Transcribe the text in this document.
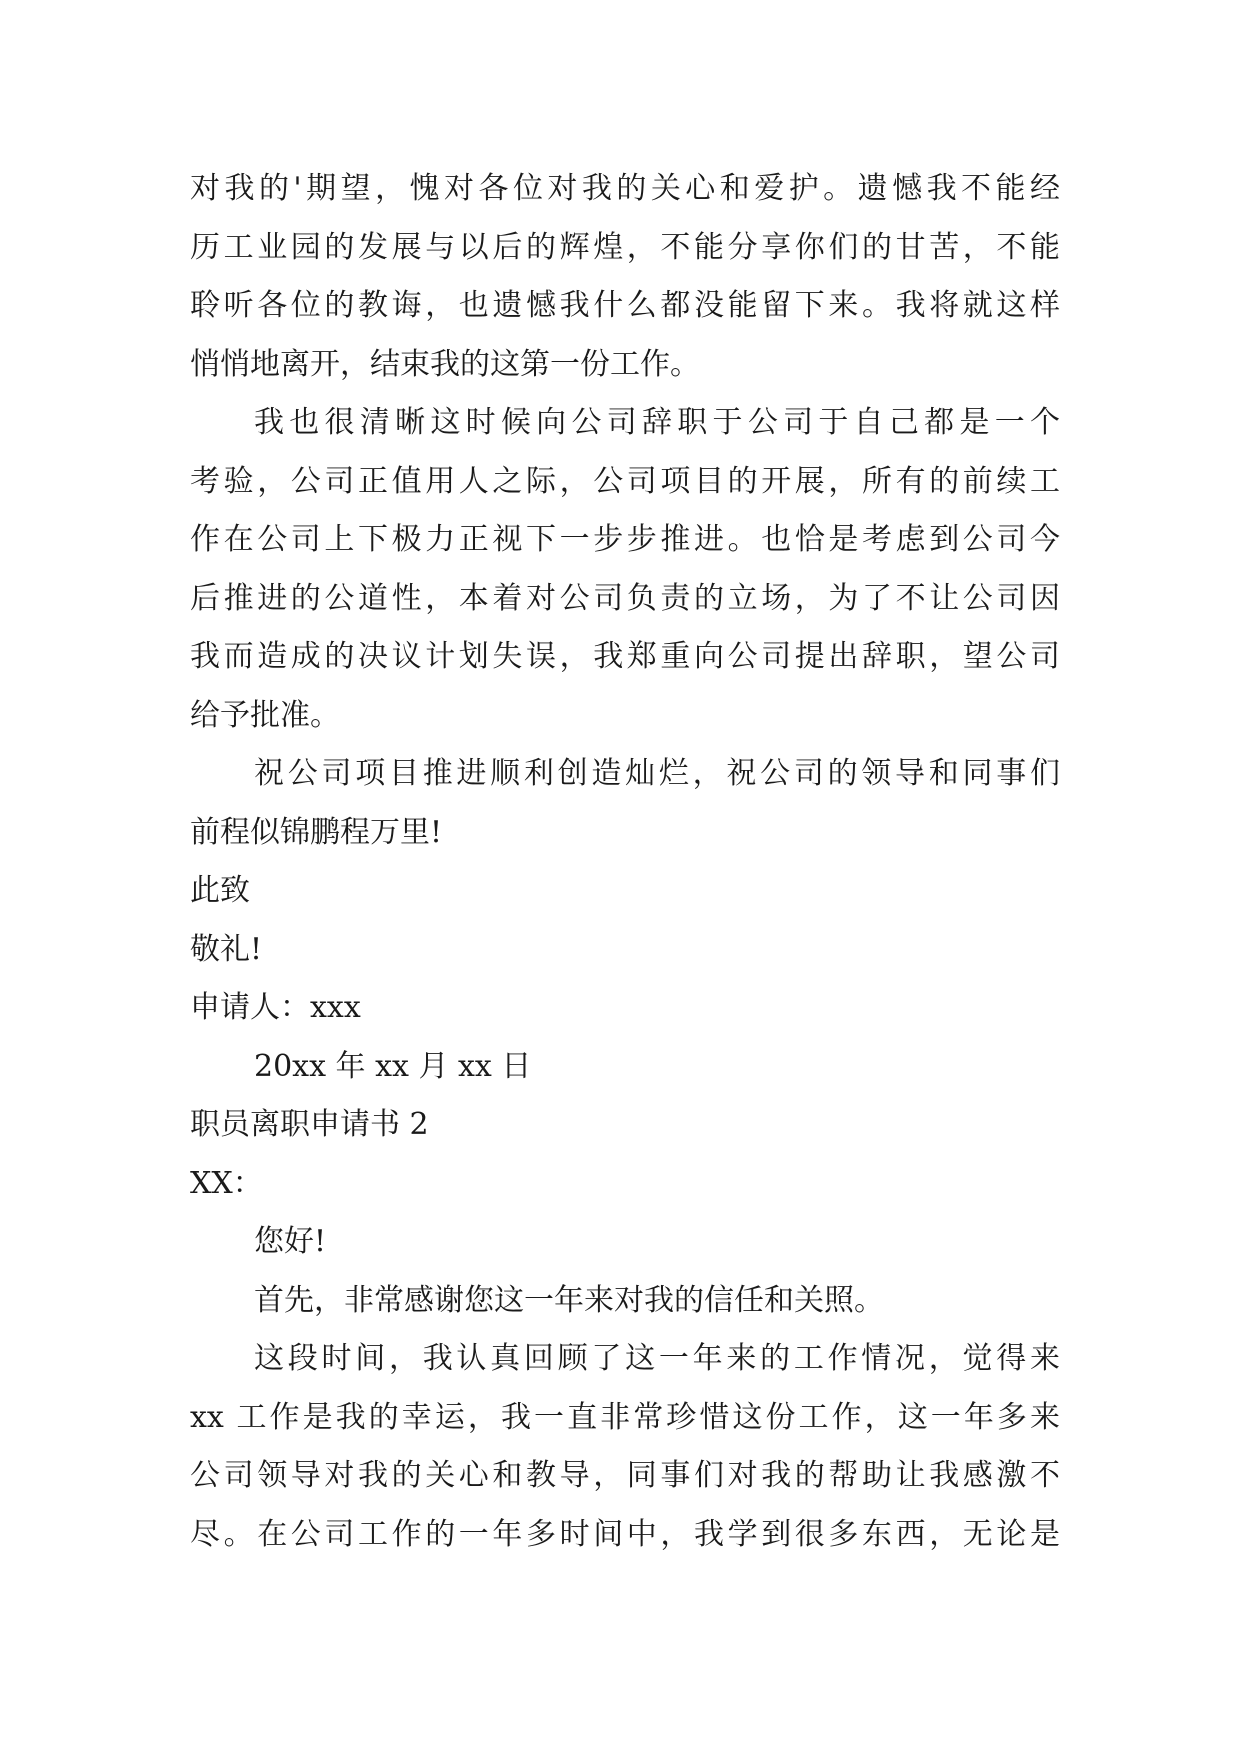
对我的'期望，愧对各位对我的关心和爱护。遗憾我不能经
历工业园的发展与以后的辉煌，不能分享你们的甘苦，不能
聆听各位的教诲，也遗憾我什么都没能留下来。我将就这样
悄悄地离开，结束我的这第一份工作。
我也很清晰这时候向公司辞职于公司于自己都是一个
考验，公司正值用人之际，公司项目的开展，所有的前续工
作在公司上下极力正视下一步步推进。也恰是考虑到公司今
后推进的公道性，本着对公司负责的立场，为了不让公司因
我而造成的决议计划失误，我郑重向公司提出辞职，望公司
给予批准。
祝公司项目推进顺利创造灿烂，祝公司的领导和同事们
前程似锦鹏程万里!
此致
敬礼!
申请人：xxx
20xx 年 xx 月 xx 日
职员离职申请书 2
XX：
您好!
首先，非常感谢您这一年来对我的信任和关照。
这段时间，我认真回顾了这一年来的工作情况，觉得来
xx 工作是我的幸运，我一直非常珍惜这份工作，这一年多来
公司领导对我的关心和教导，同事们对我的帮助让我感激不
尽。在公司工作的一年多时间中，我学到很多东西，无论是
